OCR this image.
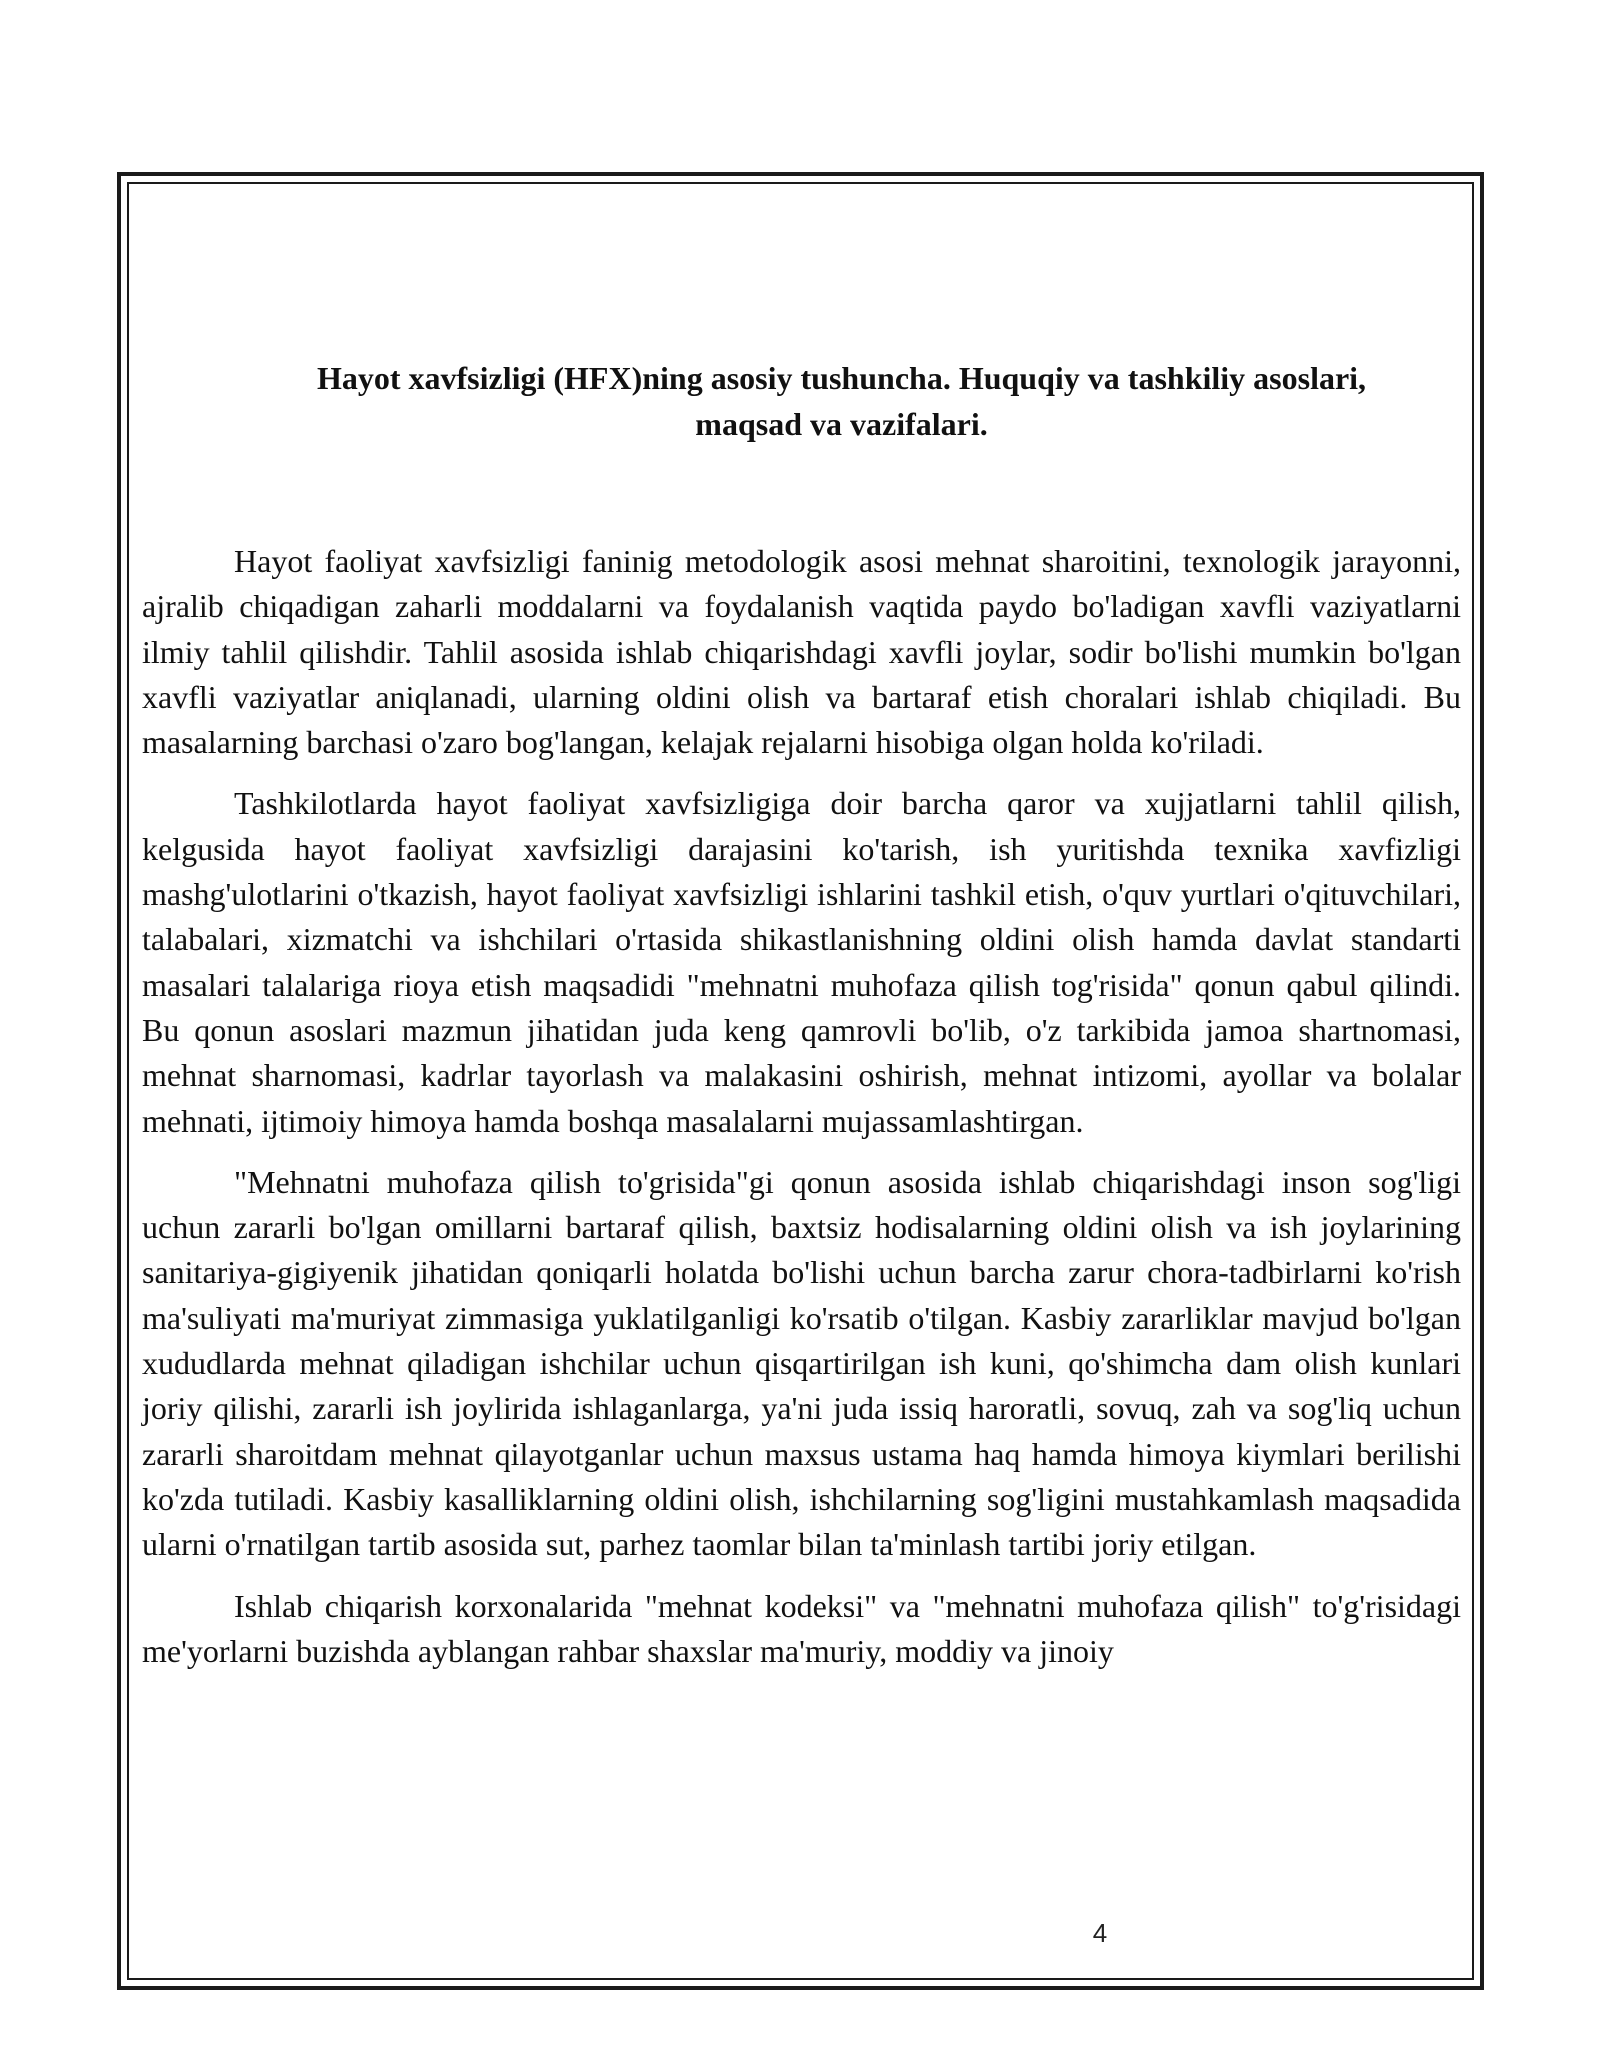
Hayot xavfsizligi (HFX)ning asosiy tushuncha. Huquqiy va tashkiliy asoslari,
maqsad va vazifalari.

Hayot faoliyat xavfsizligi faninig metodologik asosi mehnat sharoitini, texnologik jarayonni, ajralib chiqadigan zaharli moddalarni va foydalanish vaqtida paydo bo'ladigan xavfli vaziyatlarni ilmiy tahlil qilishdir. Tahlil asosida ishlab chiqarishdagi xavfli joylar, sodir bo'lishi mumkin bo'lgan xavfli vaziyatlar aniqlanadi, ularning oldini olish va bartaraf etish choralari ishlab chiqiladi. Bu masalarning barchasi o'zaro bog'langan, kelajak rejalarni hisobiga olgan holda ko'riladi.

Tashkilotlarda hayot faoliyat xavfsizligiga doir barcha qaror va xujjatlarni tahlil qilish, kelgusida hayot faoliyat xavfsizligi darajasini ko'tarish, ish yuritishda texnika xavfizligi mashg'ulotlarini o'tkazish, hayot faoliyat xavfsizligi ishlarini tashkil etish, o'quv yurtlari o'qituvchilari, talabalari, xizmatchi va ishchilari o'rtasida shikastlanishning oldini olish hamda davlat standarti masalari talalariga rioya etish maqsadidi "mehnatni muhofaza qilish tog'risida" qonun qabul qilindi. Bu qonun asoslari mazmun jihatidan juda keng qamrovli bo'lib, o'z tarkibida jamoa shartnomasi, mehnat sharnomasi, kadrlar tayorlash va malakasini oshirish, mehnat intizomi, ayollar va bolalar mehnati, ijtimoiy himoya hamda boshqa masalalarni mujassamlashtirgan.

"Mehnatni muhofaza qilish to'grisida"gi qonun asosida ishlab chiqarishdagi inson sog'ligi uchun zararli bo'lgan omillarni bartaraf qilish, baxtsiz hodisalarning oldini olish va ish joylarining sanitariya-gigiyenik jihatidan qoniqarli holatda bo'lishi uchun barcha zarur chora-tadbirlarni ko'rish ma'suliyati ma'muriyat zimmasiga yuklatilganligi ko'rsatib o'tilgan. Kasbiy zararliklar mavjud bo'lgan xududlarda mehnat qiladigan ishchilar uchun qisqartirilgan ish kuni, qo'shimcha dam olish kunlari joriy qilishi, zararli ish joylirida ishlaganlarga, ya'ni juda issiq haroratli, sovuq, zah va sog'liq uchun zararli sharoitdam mehnat qilayotganlar uchun maxsus ustama haq hamda himoya kiymlari berilishi ko'zda tutiladi. Kasbiy kasalliklarning oldini olish, ishchilarning sog'ligini mustahkamlash maqsadida ularni o'rnatilgan tartib asosida sut, parhez taomlar bilan ta'minlash tartibi joriy etilgan.

Ishlab chiqarish korxonalarida "mehnat kodeksi" va "mehnatni muhofaza qilish" to'g'risidagi me'yorlarni buzishda ayblangan rahbar shaxslar ma'muriy, moddiy va jinoiy

4
